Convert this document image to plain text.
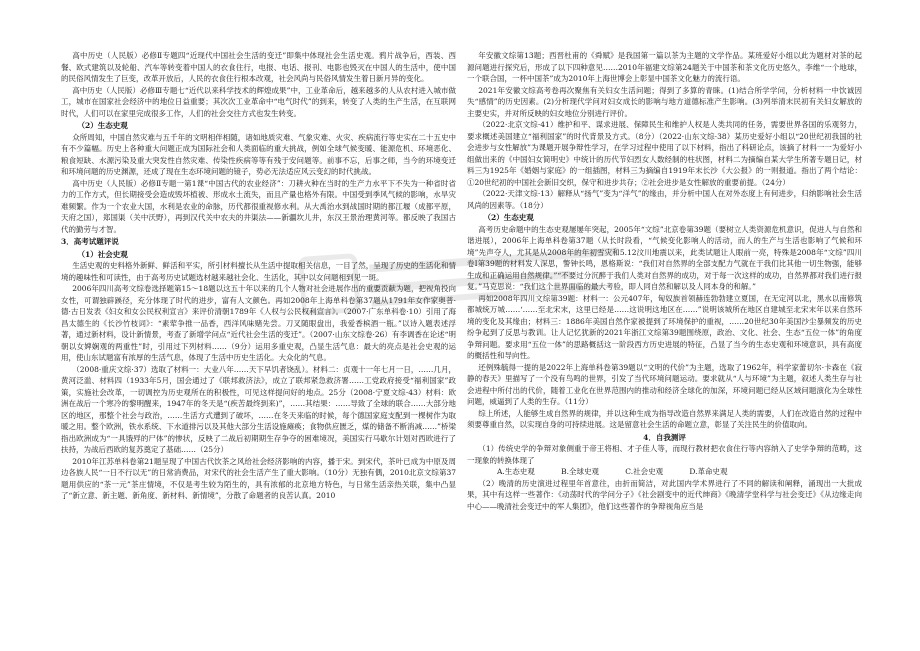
高中历史（人民版）必修Ⅱ专题四“近现代中国社会生活的变迁”即集中体现社会生活史观。鸦片战争后，西装、西餐、欧式建筑以及轮船、汽车等转变着中国人的衣食住行，电报、电话、报刊、电影也毁灭在中国人的生活中，使中国的民俗风情发生了巨变，改革开放后，人民的衣食住行根本改观，社会风尚与民俗风情发生着日新月异的变化。

高中历史（人民版）必修Ⅲ专题七“近代以来科学技术的辉煌成果”中，工业革命后，越来越多的人从农村进入城市做工，城市在国家社会经济中的地位日益重要；其次次工业革命中“电气时代”的到来，转变了人类的生产生活，在互联网时代，人们可以在家里完成很多工作，人们的社会交往方式也发生转变。

（2）生态史观

众所周知，中国自然灾难与五千年的文明相伴相随，诸如地质灾难、气象灾难、火灾、疾病流行等史实在二十五史中有不少篇幅。历史上各种重大问题正成为国际社会和人类面临的重大挑战，例如全球气候变暖、能源危机、环境恶化、粮食短缺、水源污染及重大突发性自然灾难、传染性疾病等等有残于安问题等。前事不忘，后事之师，当今的环境变迁和环境问题的历史渊源，还成了现在生态环境问题的镜子，势必无法适应风云变幻的时代挑战。

高中历史（人民版）必修Ⅱ专题一第1课“中国古代的农业经济”：刀耕火种在当时的生产力水平下不失为一种省时省力的工作方式，但长期接受会造成毁坏植被、形成水土流失，而且产量也格外有限。中国受到季风气候的影响，水旱灾难频繁。作为一个农业大国，水利是农业的命脉，历代都很重视修水利。从大禹治水到战国时期的都江堰（成都平原，天府之国），郑国渠（关中沃野），再到汉代关中农夫的井渠法——新疆坎儿井，东汉王景治理黄河等。都反映了我国古代的勤劳与才智。

3．高考试题评说

（1）社会史观

生活史观的史料格外新鲜、鲜活和平实，所引材料擅长从生活中提取相关信息，一目了然，呈现了历史的生活化和情境的趣味性和可读性，由于高考历史试题选材越来越社会化、生活化，其中以女问题相到见一斑。

2006年四川高考文综卷选择题第15～18题以这五十年以来的几个人物对社会进展作出的重要贡献为题，把视角投向女性，可谓独辟蹊径，充分体现了时代的进步，富有人文颜色。再如2008年上海单科卷第37题从1791年女作家奥普·德·古日发表《妇女和女公民权利宣言》来评价清朝1789年《人权与公民权利宣言》。（2007·广东单科卷·10）引用了海昌太德生的《长沙竹枝词》：“素荤争推一品香，西洋风味赌先尝。刀叉随眼盘出，我爱香槟酒一瓶。”以诗入题表述浮著，通过新材料，设计新情景，考查了新增学问点“近代社会生活的变迁”。（2007·山东文综卷·26）有李调香在论述“明朝以女婢娴观的两重性”时，引用过下列材料……（9分）运用多重史观，凸显生活气息：最大的亮点是社会史观的运用，使山东试题富有浓厚的生活气息，体现了生活中历史生活化。大众化的气息。

（2008·重庆文综·37）选取了材料一：大业八年……天下早饥者饶乱）。材料二：贞观十一年七月一日，……几月，黄河泛滥、材料四（1933年5月，国会通过了《联邦救济法》，成立了联邦紧急救济署……工党政府接受“福利国家”政策，实施社会改革，一切调控为历史观所在的积极性，可见这样提问好的地点。25分（2008·宁夏文综·43）材料：欧洲在战后一个寒冷的黎明醒来，1947年的冬天是“(疾苦最终到来)”，……其结果：……导致了全球的联合……大部分地区的地区，那整个社会与政治，……生活方式遭到了破坏，……在冬天来临的时候，每个德国家庭支配到一棵树作为取暖之用。整个欧洲，铁水系统、下水道排污以及其他大部分生活设施瘫痪；食物供应匮乏，煤的储备不断消减……”桥梁指出欧洲成为“一具饿殍的尸体”的惨状，反映了二战后初期期生存争夺的困难境况，美国实行马歇尔计划对西欧进行了扶持，为战后西欧的复苏奠定了基础……（25分）

2010年江苏单科卷第21题呈现了中国古代饮茶之风给社会经济影响的内容，播于宋。到宋代，茶叶已成为中原及周边各族人民“一日不行以无”的日常消费品，对宋代的社会生活产生了重大影响。（10分）无独有偶，2010北京文综第37题用供应的“茶一元”茶庄情境，不仅是考生较为陌生的，具有浓郁的北京地方特色，与日常生活亲热关联，集中凸显了“新立意、新主题、新角度、新材料、新情境”，分散了命题者的良苦认真。2010

年安徽文综第13题；西晋杜甫的《舜赋》是我国第一篇以茶为主题的文学作品。某班爱好小组以此为题材对茶的起源问题进行探究后，形成了以下四种意见……2010年福建文综第24题关于中国茶和茶文化历史悠久，李维“一个地球，一个联合国，一杯中国茶”成为2010年上海世博会上彰显中国茶文化魅力的流行语。

2021年安徽文综高考卷再次聚焦有关妇女生活问题；得到了多算的青睐。(1)结合所学学问，分析材料一中饮诚因失“感情”的历史因素。(2)分析现代学问对妇女成长的影响与地方道德标准产生影响。(3)列举清末民初有关妇女解放的主要史实，并对所反映的妇女地位分别进行评价。

（2022·北京文综·41）维护和平、谋求进展、保障民生和维护人权是人类共同的任务，需要世界各国的乐观努力，要求概述美国建立“福利国家”的时代背景及方式。（8分）（2022·山东文综·38）某历史爱好小组以“20世纪初我国的社会进步与女性解放”为课题开展争辩性学习，在学习过程中使用了以下材料，指出了科研论点，该摘了材料一一为爱好小组做出来的《中国妇女简明史》中统计的历代节妇烈女人数经制的柱状图，材料二为摘编自某大学生所著专题日记，材料三为1925年《婚姻与家庭》的一组插图，材料三为摘编自1919年末长沙《大公报》的一则报道。指出了两个结论：①20世纪初的中国社会新旧交织，保守和进步共存；②社会进步是女性解放的重要前提。（24分）

（2022·天津文综·13）解释从“扬气”变为“洋气”的缘由，并分析中国人在对外态度上有何进步，归纳影响社会生活风尚的因素等。（18分）

（2）生态史观

高考历史命题中的生态史观屡屡年突起，2005年“文综”北京卷第39题（要树立人类资源危机意识，促进人与自然和谐进展），2006年上海单科卷第37题（从长时段看，“气候变化影响人的活动，而人的生产与生活也影响了气候和环境”先声夺人，尤其是从2008年的年初雪灾和5.12汶川地震以来，此类试题让人眼前一亮，特殊是2008年“文综”四川卷Ⅰ第39题的材料发人深思，警钟长鸣，恩格斯说：“我们对自然界的全部支配力气就在于我们比其他一切生物强，能够生成和正确运用自然规律。”“不要过分沉醉于我们人类对自然界的成功，对于每一次这样的成功，自然界都对我们进行报复。”马克思说：“我们这个世界面临的最大考验，即人同自然和解以及人同本身的和解。”

再如2008年四川文综第39题：材料一：公元407年，匈奴族首领赫连勃勃建立夏国，在无定河以北，黑水以南修筑都城统万城……‘……至北宋末，这里已经是……这说明这地区在……”说明该城所在地区自建城至北宋末年以来自然环境的变化及其缘由；材料三：1886年美国自然作家被提到了环境保护的重视，……20世纪30年美国沙尘暴频发的历史纷争起到了反思与教训。让人记忆犹新的2021年浙江文综第39题围绕原，政治、文化、社会、生态“五位一体”的角度争辩问题。要求用“五位一体”的思路概括这一阶段西方历史进展的特征，凸显了当今的生态史观和环境意识，具有高度的概括性和导向性。

还例殊毓得一提的是2022年上海单科卷第39题以“文明的代价”为主题，选取了1962年，科学家蕾切尔·卡森在《寂静的春天》里描写了一个没有鸟鸣的世界，引发了当代环境问题运动。要求就从“人与环境”为主题，叙述人类生存与社会进程中所付出的代价，随着工业化在世界范围内的推动和经济全球化的加深，环境问题已经从区域问题演化为全球性问题，威逼到了人类的生存。（11分）

综上所述，人能够生成自然界的规律，并以这种生成为指导改造自然界来满足人类的需要，人们在改造自然的过程中须要尊重自然，以实现自身的可持续进展。这是留意社会生活的命题立意，彰显了关注民生的价值取向。

4．自我测评

（1）传统史学的争辩对象侧重于帝王将相、才子佳人等，而现行教材把衣食住行等内容纳入了史学争辩的范畴，这一现象的转换体现了

A.生态史观	B.全球史观	C.社会史观	D.革命史观

（2）晚清的历史演进过程里年首意往，由折而简洁，对此国内学术界进行了不同的解读和阐释，涌现出一大批成果，其中有这样一些著作：《动荡时代的学问分子》《社会剧变中的近代绅商》《晚清学堂科学与社会变迁》《从边缘走向中心——晚清社会变迁中的军人集团》，他们这些著作的争辩视角应当是
